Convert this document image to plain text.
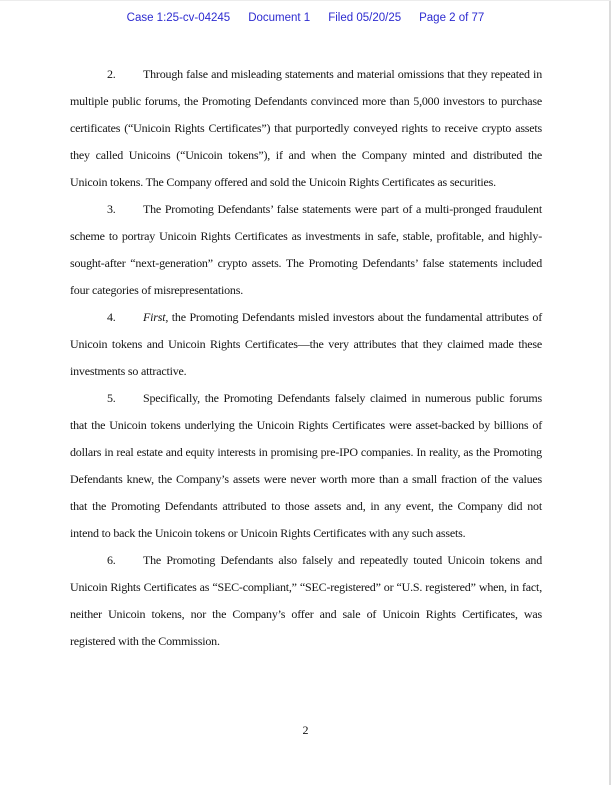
Case 1:25-cv-04245 Document 1 Filed 05/20/25 Page 2 of 77

2. Through false and misleading statements and material omissions that they repeated in multiple public forums, the Promoting Defendants convinced more than 5,000 investors to purchase certificates (“Unicoin Rights Certificates”) that purportedly conveyed rights to receive crypto assets they called Unicoins (“Unicoin tokens”), if and when the Company minted and distributed the Unicoin tokens. The Company offered and sold the Unicoin Rights Certificates as securities.

3. The Promoting Defendants’ false statements were part of a multi-pronged fraudulent scheme to portray Unicoin Rights Certificates as investments in safe, stable, profitable, and highly-sought-after “next-generation” crypto assets. The Promoting Defendants’ false statements included four categories of misrepresentations.

4. First, the Promoting Defendants misled investors about the fundamental attributes of Unicoin tokens and Unicoin Rights Certificates—the very attributes that they claimed made these investments so attractive.

5. Specifically, the Promoting Defendants falsely claimed in numerous public forums that the Unicoin tokens underlying the Unicoin Rights Certificates were asset-backed by billions of dollars in real estate and equity interests in promising pre-IPO companies. In reality, as the Promoting Defendants knew, the Company’s assets were never worth more than a small fraction of the values that the Promoting Defendants attributed to those assets and, in any event, the Company did not intend to back the Unicoin tokens or Unicoin Rights Certificates with any such assets.

6. The Promoting Defendants also falsely and repeatedly touted Unicoin tokens and Unicoin Rights Certificates as “SEC-compliant,” “SEC-registered” or “U.S. registered” when, in fact, neither Unicoin tokens, nor the Company’s offer and sale of Unicoin Rights Certificates, was registered with the Commission.

2
